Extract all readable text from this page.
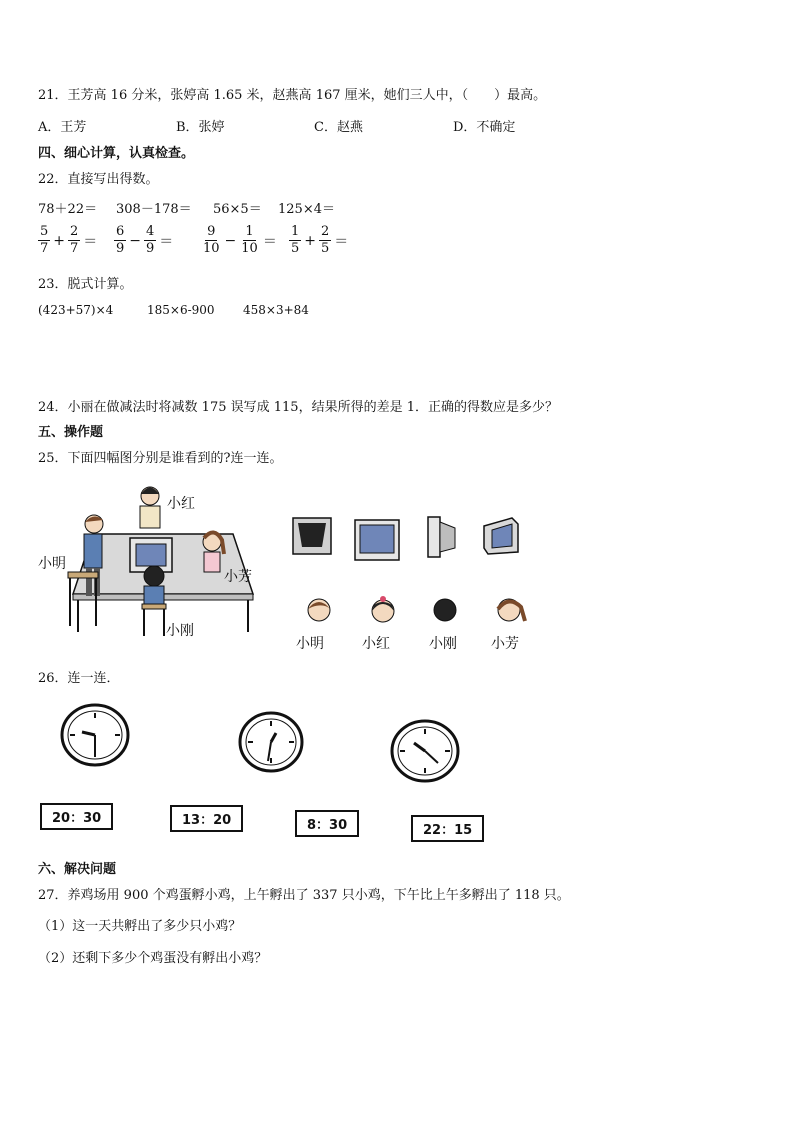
21．王芳高 16 分米，张婷高 1.65 米，赵燕高 167 厘米，她们三人中，（　　）最高。
A．王芳	B．张婷	C．赵燕	D．不确定
四、细心计算，认真检查。
22．直接写出得数。
78＋22＝ 308－178＝ 56×5＝ 125×4＝
$\frac{5}{7} + \frac{2}{7} = \frac{6}{9} - \frac{4}{9} = \frac{9}{10} - \frac{1}{10} = \frac{1}{5} + \frac{2}{5}$ ＝
23．脱式计算。
(423+57)×4	185×6-900 458×3+84
24．小丽在做减法时将减数 175 误写成 115，结果所得的差是 1．正确的得数应是多少？
五、操作题
25．下面四幅图分别是谁看到的?连一连。
小红
小明
小芳
小刚
小明	小红	小刚 小芳
26．连一连．
20：30	13：20	8：30	22：15
六、解决问题
27．养鸡场用 900 个鸡蛋孵小鸡，上午孵出了 337 只小鸡，下午比上午多孵出了 118 只。
（1）这一天共孵出了多少只小鸡？
（2）还剩下多少个鸡蛋没有孵出小鸡？
